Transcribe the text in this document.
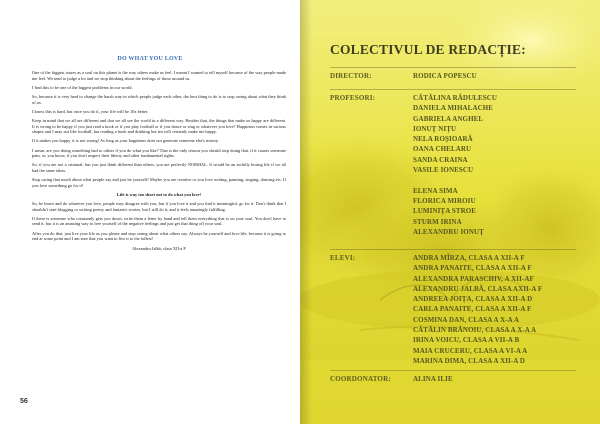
DO WHAT YOU LOVE

One of the biggest issues as a soul on this planet is the way others make us feel. I meant I wanted to tell myself because of the way people made me feel. We tend to judge a lot and we stop thinking about the feelings of those around us.

I find this to be one of the biggest problems in our world.

So, because it is very hard to change the harsh way in which people judge each other, the best thing to do is to stop caring about what they think of us.

I know this is hard, but once you do it, your life will be 10x better.

Keep in mind that we all are different and that we all see the world in a different way. Besides that, the things that make us happy are different. It is wrong to be happy if you just read a book or if you play football or if you dance or sing or whatever you love? Happiness comes in various shapes and I may not like football, but reading a book and drinking hot tea will certainly make me happy.

If it makes you happy, it is not wrong! As long as your happiness does not generate someone else's misery.

I mean, are you doing something bad to others if you do what you like? That is the only reason you should stop doing that, if it causes someone pain, or, you know, if you don't respect their liberty and other fundamental rights.

So, if you are not a criminal, but you just think different than others, you are perfectly NORMAL. It would be an awfully boring life if we all had the same ideas.

Stop caring that much about what people say and just be yourself! Maybe you are creative or you love writing, painting, singing, dancing etc. If you love something go for it!

Life is way too short not to do what you love!

So, be brave and do whatever you love, people may disagree with you, but if you love it and you find it meaningful, go for it. Don't think that I shouldn't start blogging or writing poetry and fantastic stories, but I still do it, and it feels amazingly fulfilling.

If there is someone who constantly gets you down, write them a letter by hand and tell them everything that is on your soul. You don't have to send it, but it is an amazing way to free yourself of the negative feelings and just get that thing off your soul.

After you do that, just live your life as you please and stop caring about what others say. Always be yourself and love life, because it is going to end at some point and I am sure that you want to live it to the fullest!

Alexandru Jalbă, clasa XII-a F

56
COLECTIVUL DE REDACȚIE:
DIRECTOR:	RODICA POPESCU
PROFESORI:	CĂTĂLINA RĂDULESCU
DANIELA MIHALACHE
GABRIELA ANGHEL
IONUȚ NIȚU
NELA ROȘIOARĂ
OANA CHELARU
SANDA CRAINA
VASILE IONESCU

ELENA SIMA
FLORICA MIROIU
LUMINIȚA STROE
STURM IRINA
ALEXANDRU IONUȚ
ELEVI:	ANDRA MÎRZA, CLASA A XII-A F
ANDRA PANAITE, CLASA A XII-A F
ALEXANDRA PARASCHIV, A XII-AF
ALEXANDRU JALBĂ, CLASA AXII-A F
ANDREEA JOIȚA, CLASA A XII-A D
CARLA PANAITE, CLASA A XII-A F
COSMINA DAN, CLASA A X-A A
CĂTĂLIN BRĂNOIU, CLASA A X-A A
IRINA VOICU, CLASA A VII-A B
MAIA CRUCERU, CLASA A VI-A A
MARINA DIMA, CLASA A XII-A D
COORDONATOR:	ALINA ILIE
